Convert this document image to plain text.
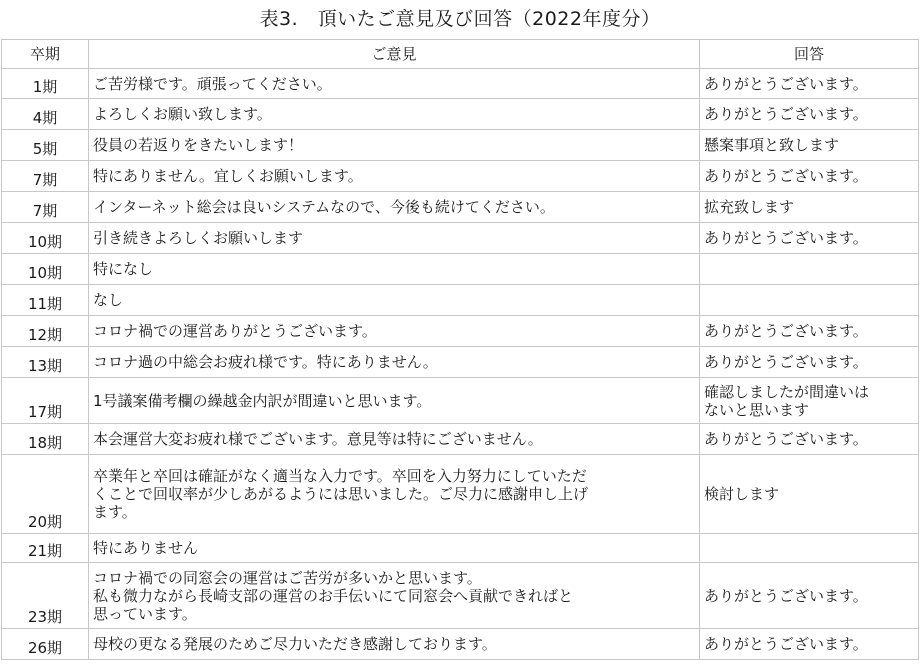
表3.　頂いたご意見及び回答（2022年度分）
卒期	ご意見	回答
1期	ご苦労様です。頑張ってください。	ありがとうございます。
4期	よろしくお願い致します。	ありがとうございます。
5期	役員の若返りをきたいします！	懸案事項と致します
7期	特にありません。宜しくお願いします。	ありがとうございます。
7期	インターネット総会は良いシステムなので、今後も続けてください。	拡充致します
10期	引き続きよろしくお願いします	ありがとうございます。
10期	特になし	
11期	なし	
12期	コロナ禍での運営ありがとうございます。	ありがとうございます。
13期	コロナ過の中総会お疲れ様です。特にありません。	ありがとうございます。
17期	1号議案備考欄の繰越金内訳が間違いと思います。	確認しましたが間違いは
ないと思います
18期	本会運営大変お疲れ様でございます。意見等は特にございません。	ありがとうございます。
20期	卒業年と卒回は確証がなく適当な入力です。卒回を入力努力にしていただ
くことで回収率が少しあがるようには思いました。ご尽力に感謝申し上げ
ます。	検討します
21期	特にありません	
23期	コロナ禍での同窓会の運営はご苦労が多いかと思います。
私も微力ながら長崎支部の運営のお手伝いにて同窓会へ貢献できればと
思っています。	ありがとうございます。
26期	母校の更なる発展のためご尽力いただき感謝しております。	ありがとうございます。
